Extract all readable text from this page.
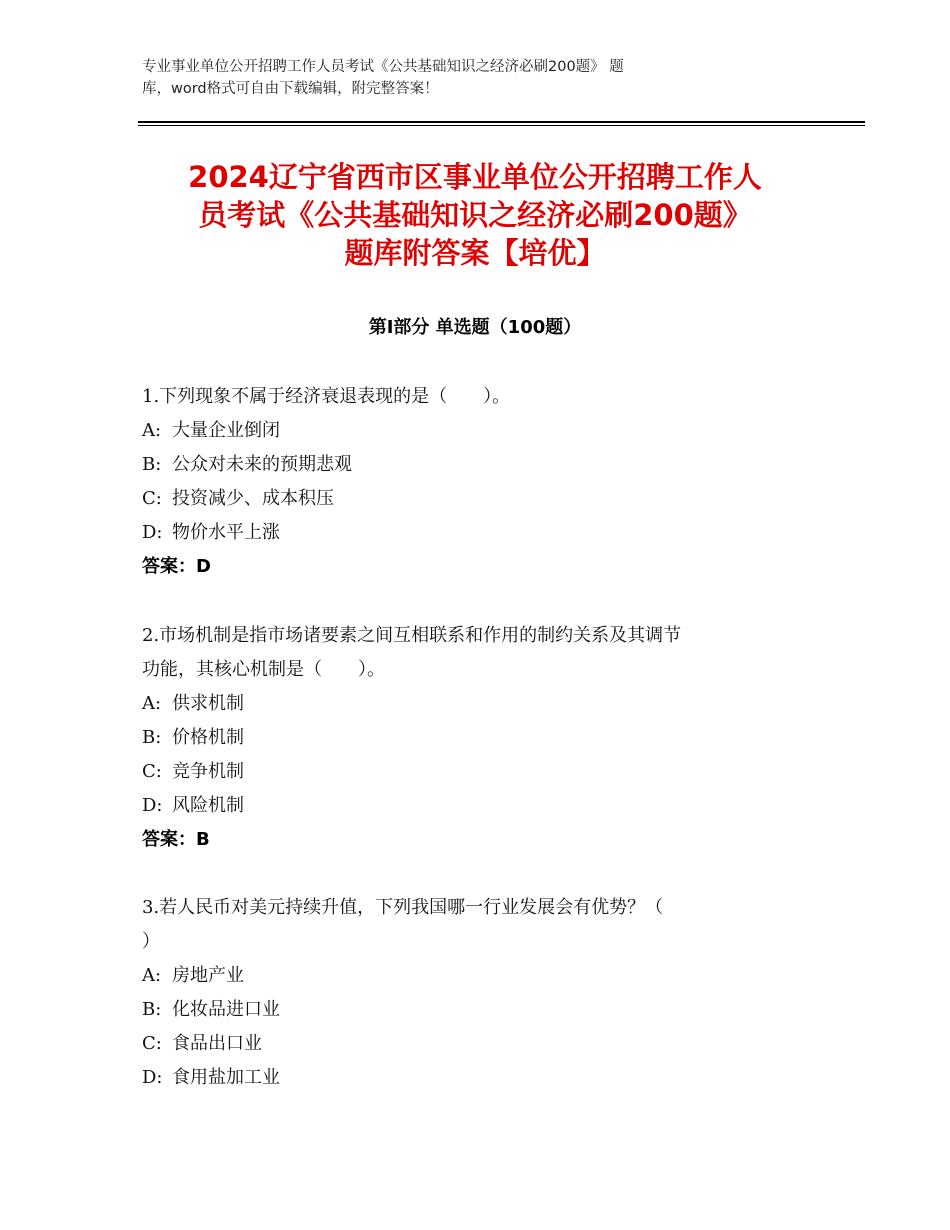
专业事业单位公开招聘工作人员考试《公共基础知识之经济必刷200题》 题
库，word格式可自由下载编辑，附完整答案！
2024辽宁省西市区事业单位公开招聘工作人
员考试《公共基础知识之经济必刷200题》
题库附答案【培优】
第Ⅰ部分 单选题（100题）
1.下列现象不属于经济衰退表现的是（　　）。
A: 大量企业倒闭
B: 公众对未来的预期悲观
C: 投资减少、成本积压
D: 物价水平上涨
答案：D
2.市场机制是指市场诸要素之间互相联系和作用的制约关系及其调节
功能，其核心机制是（　　）。
A: 供求机制
B: 价格机制
C: 竞争机制
D: 风险机制
答案：B
3.若人民币对美元持续升值，下列我国哪一行业发展会有优势？（
）
A: 房地产业
B: 化妆品进口业
C: 食品出口业
D: 食用盐加工业
